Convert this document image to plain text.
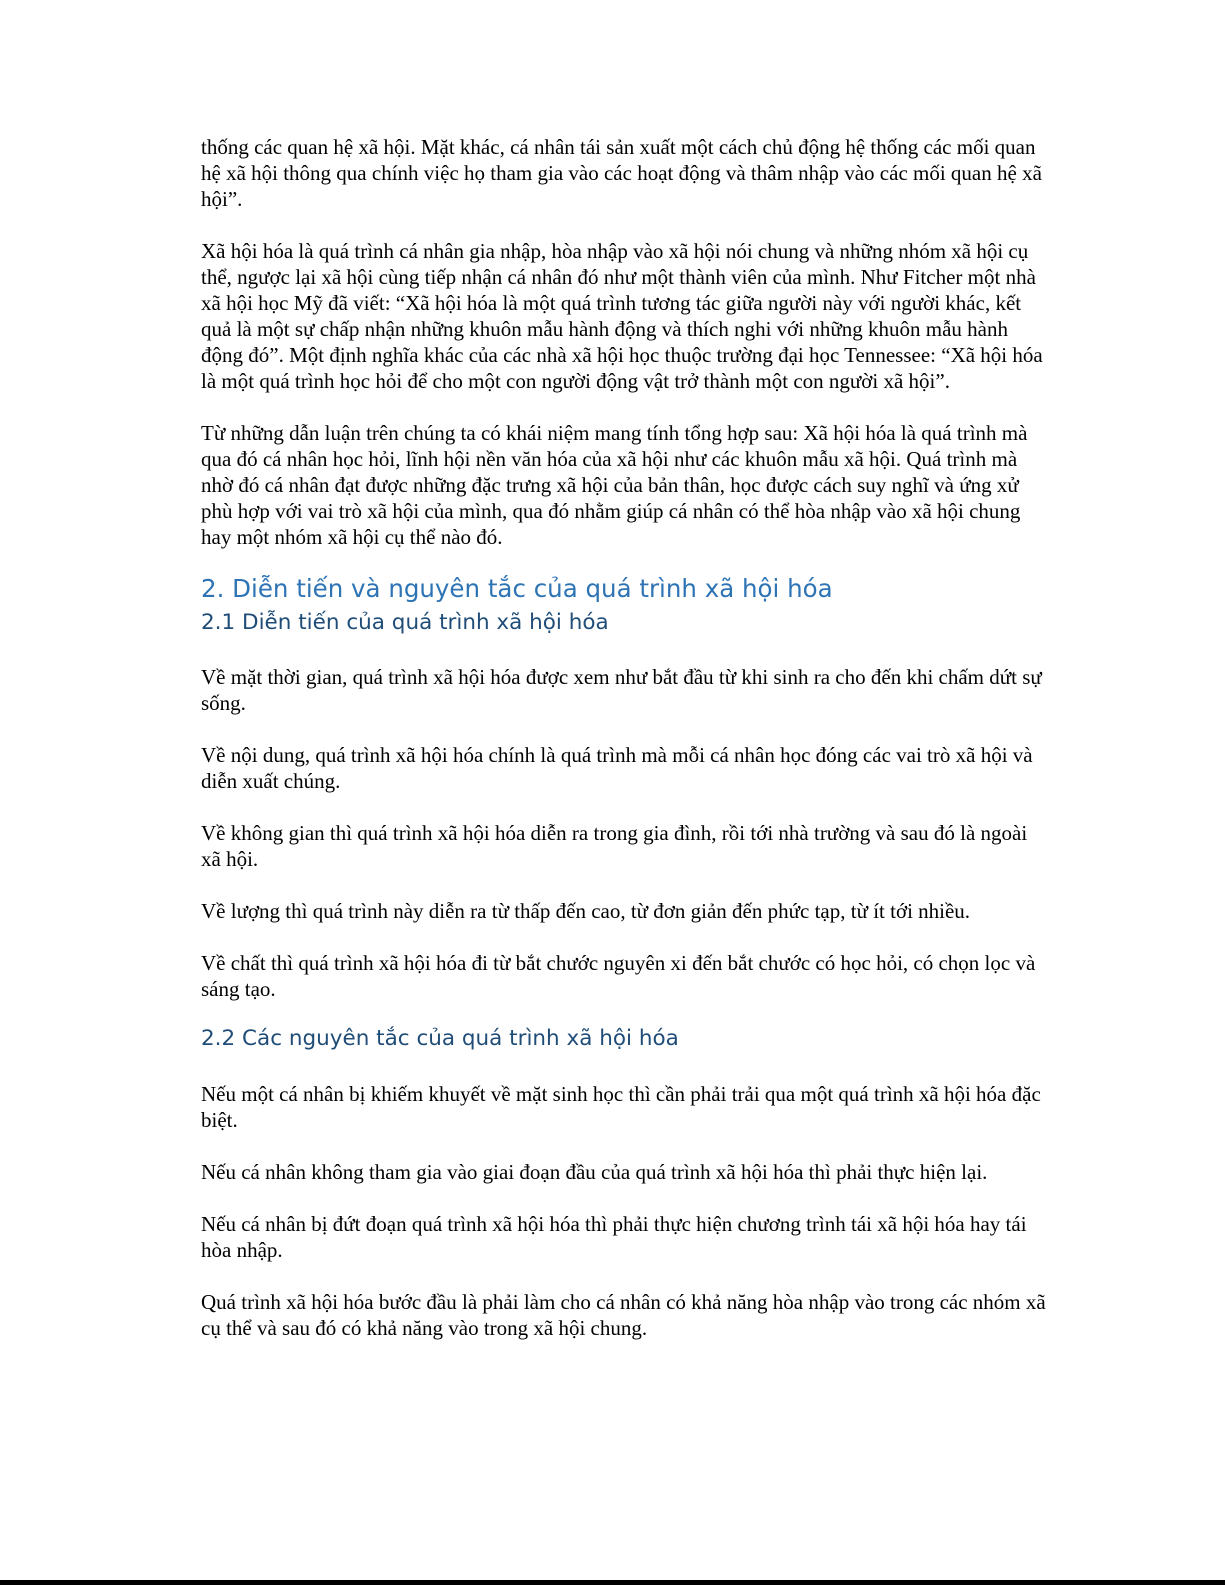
thống các quan hệ xã hội. Mặt khác, cá nhân tái sản xuất một cách chủ động hệ thống các mối quan hệ xã hội thông qua chính việc họ tham gia vào các hoạt động và thâm nhập vào các mối quan hệ xã hội”.

Xã hội hóa là quá trình cá nhân gia nhập, hòa nhập vào xã hội nói chung và những nhóm xã hội cụ thể, ngược lại xã hội cùng tiếp nhận cá nhân đó như một thành viên của mình. Như Fitcher một nhà xã hội học Mỹ đã viết: “Xã hội hóa là một quá trình tương tác giữa người này với người khác, kết quả là một sự chấp nhận những khuôn mẫu hành động và thích nghi với những khuôn mẫu hành động đó”. Một định nghĩa khác của các nhà xã hội học thuộc trường đại học Tennessee: “Xã hội hóa là một quá trình học hỏi để cho một con người động vật trở thành một con người xã hội”.

Từ những dẫn luận trên chúng ta có khái niệm mang tính tổng hợp sau: Xã hội hóa là quá trình mà qua đó cá nhân học hỏi, lĩnh hội nền văn hóa của xã hội như các khuôn mẫu xã hội. Quá trình mà nhờ đó cá nhân đạt được những đặc trưng xã hội của bản thân, học được cách suy nghĩ và ứng xử phù hợp với vai trò xã hội của mình, qua đó nhằm giúp cá nhân có thể hòa nhập vào xã hội chung hay một nhóm xã hội cụ thể nào đó.

2. Diễn tiến và nguyên tắc của quá trình xã hội hóa
2.1 Diễn tiến của quá trình xã hội hóa

Về mặt thời gian, quá trình xã hội hóa được xem như bắt đầu từ khi sinh ra cho đến khi chấm dứt sự sống.

Về nội dung, quá trình xã hội hóa chính là quá trình mà mỗi cá nhân học đóng các vai trò xã hội và diễn xuất chúng.

Về không gian thì quá trình xã hội hóa diễn ra trong gia đình, rồi tới nhà trường và sau đó là ngoài xã hội.

Về lượng thì quá trình này diễn ra từ thấp đến cao, từ đơn giản đến phức tạp, từ ít tới nhiều.

Về chất thì quá trình xã hội hóa đi từ bắt chước nguyên xi đến bắt chước có học hỏi, có chọn lọc và sáng tạo.

2.2 Các nguyên tắc của quá trình xã hội hóa

Nếu một cá nhân bị khiếm khuyết về mặt sinh học thì cần phải trải qua một quá trình xã hội hóa đặc biệt.

Nếu cá nhân không tham gia vào giai đoạn đầu của quá trình xã hội hóa thì phải thực hiện lại.

Nếu cá nhân bị đứt đoạn quá trình xã hội hóa thì phải thực hiện chương trình tái xã hội hóa hay tái hòa nhập.

Quá trình xã hội hóa bước đầu là phải làm cho cá nhân có khả năng hòa nhập vào trong các nhóm xã cụ thể và sau đó có khả năng vào trong xã hội chung.
